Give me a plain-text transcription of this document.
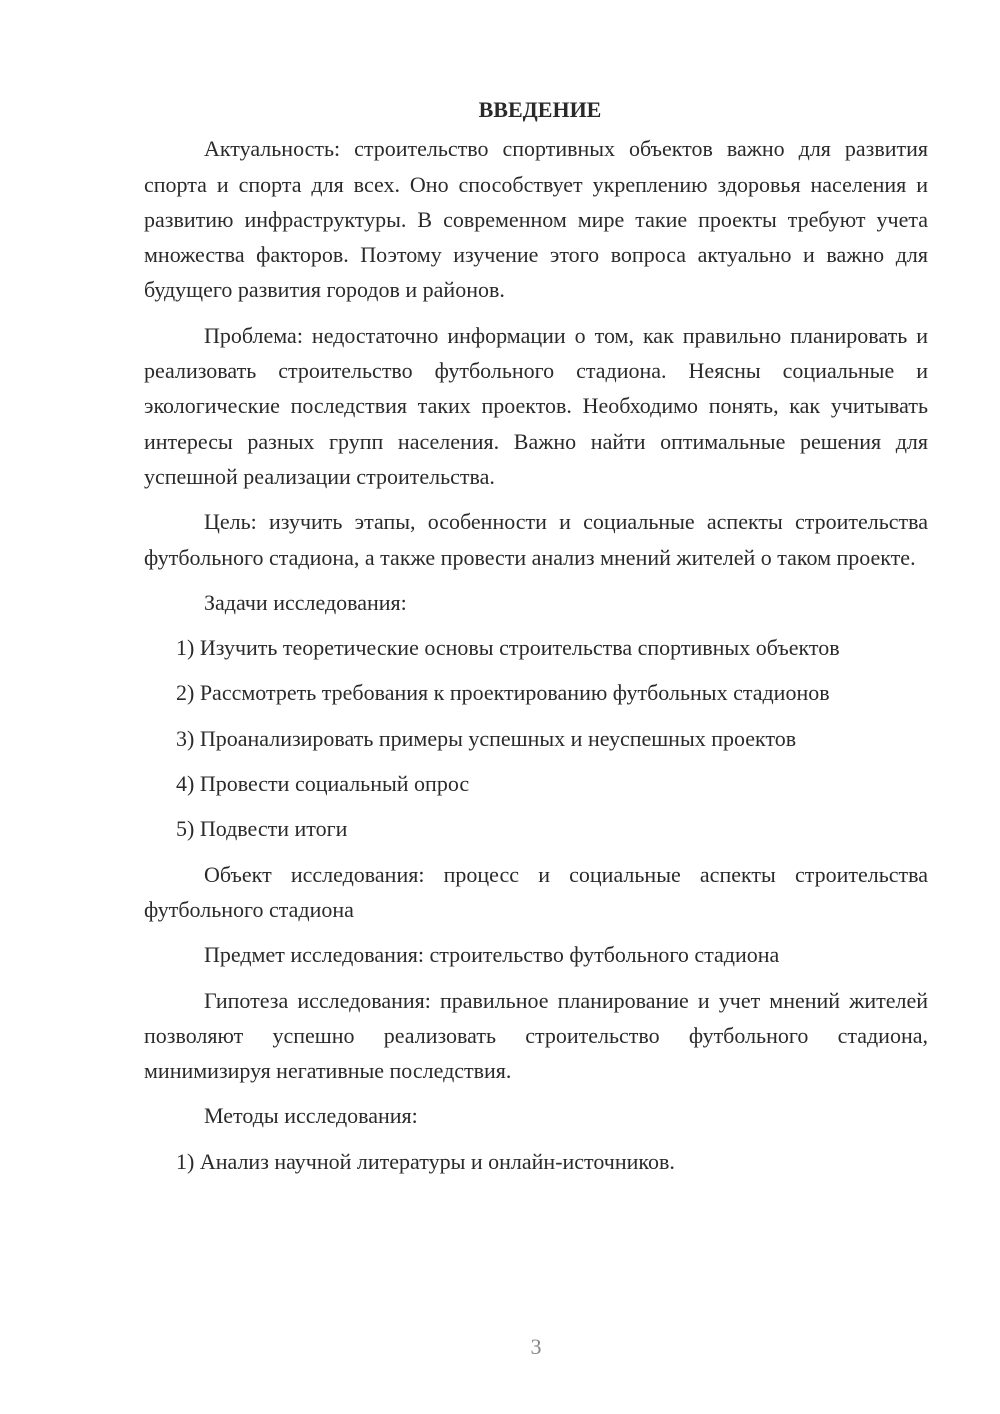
ВВЕДЕНИЕ
Актуальность: строительство спортивных объектов важно для развития спорта и спорта для всех. Оно способствует укреплению здоровья населения и развитию инфраструктуры. В современном мире такие проекты требуют учета множества факторов. Поэтому изучение этого вопроса актуально и важно для будущего развития городов и районов.
Проблема: недостаточно информации о том, как правильно планировать и реализовать строительство футбольного стадиона. Неясны социальные и экологические последствия таких проектов. Необходимо понять, как учитывать интересы разных групп населения. Важно найти оптимальные решения для успешной реализации строительства.
Цель: изучить этапы, особенности и социальные аспекты строительства футбольного стадиона, а также провести анализ мнений жителей о таком проекте.
Задачи исследования:
1) Изучить теоретические основы строительства спортивных объектов
2) Рассмотреть требования к проектированию футбольных стадионов
3) Проанализировать примеры успешных и неуспешных проектов
4) Провести социальный опрос
5) Подвести итоги
Объект исследования: процесс и социальные аспекты строительства футбольного стадиона
Предмет исследования: строительство футбольного стадиона
Гипотеза исследования: правильное планирование и учет мнений жителей позволяют успешно реализовать строительство футбольного стадиона, минимизируя негативные последствия.
Методы исследования:
1) Анализ научной литературы и онлайн-источников.
3
